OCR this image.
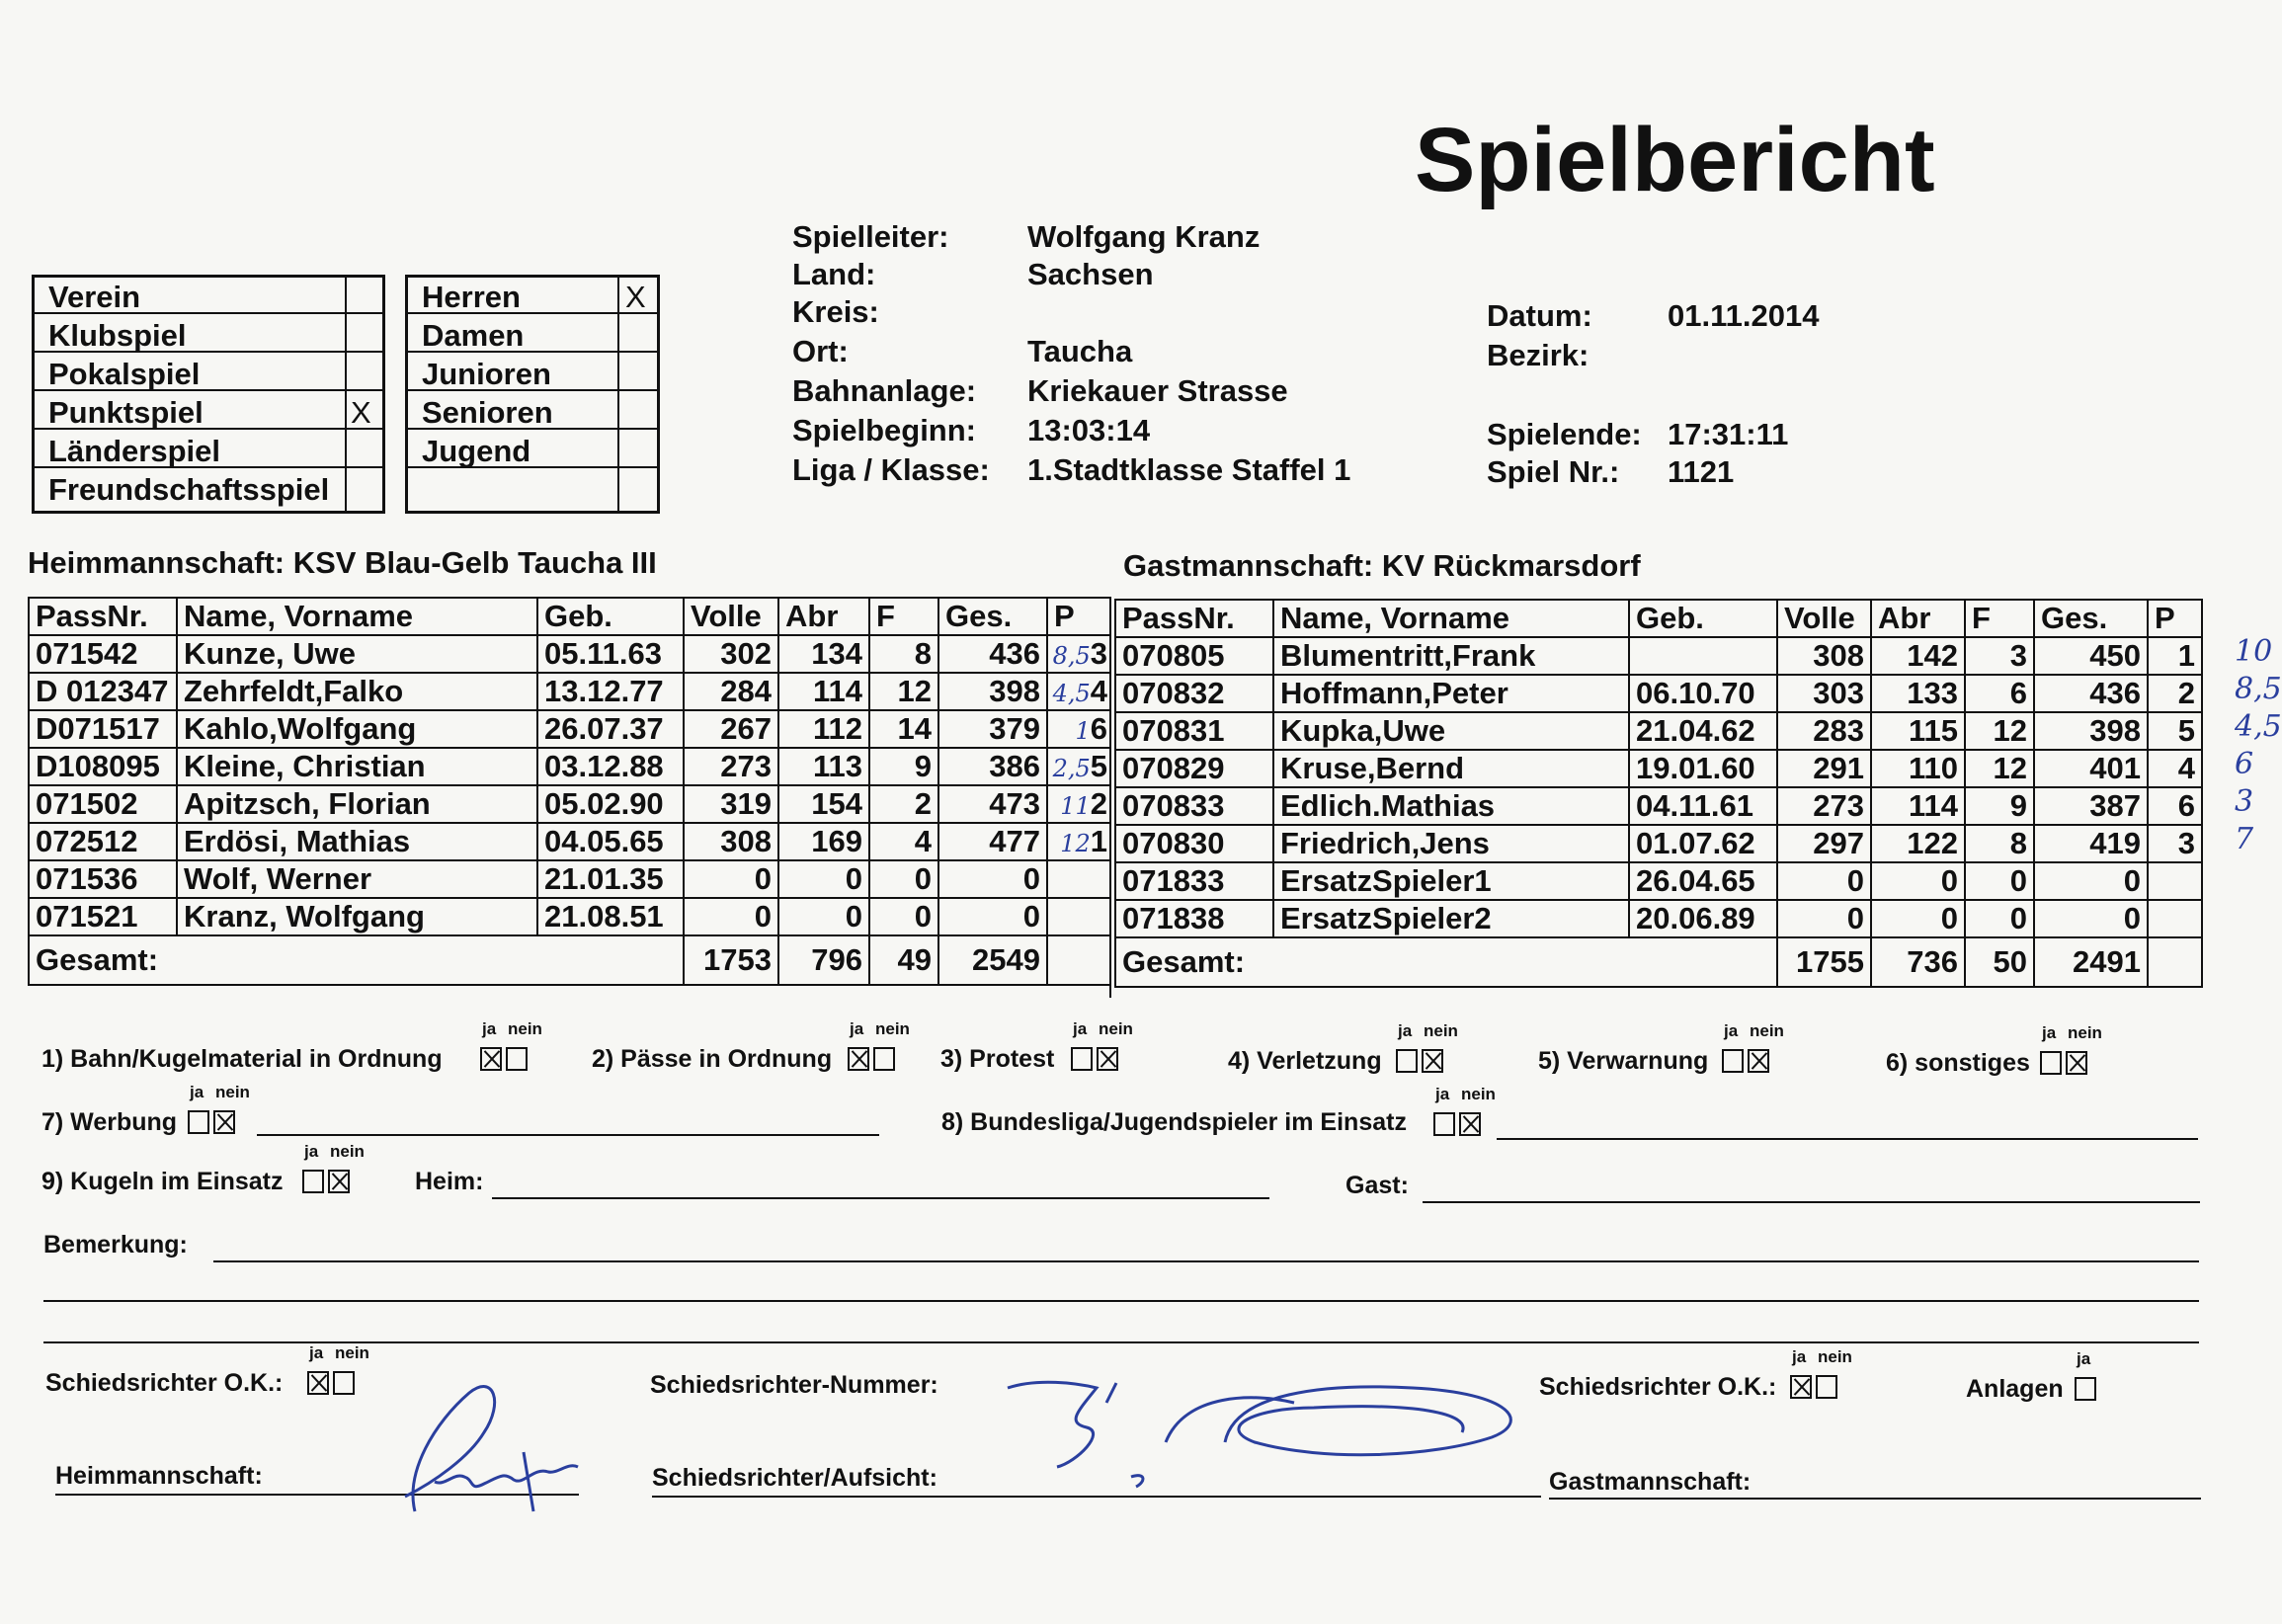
Spielbericht
Verein
Klubspiel
Pokalspiel
Punktspiel	X
Länderspiel
Freundschaftsspiel
Herren	X
Damen
Junioren
Senioren
Jugend
Spielleiter:	Wolfgang Kranz
Land:	Sachsen
Kreis:
Ort:	Taucha
Bahnanlage: Kriekauer Strasse
Spielbeginn: 13:03:14
Liga / Klasse: 1.Stadtklasse Staffel 1
Datum: 01.11.2014
Bezirk:
Spielende: 17:31:11
Spiel Nr.: 1121
Heimmannschaft: KSV Blau-Gelb Taucha III	Gastmannschaft: KV Rückmarsdorf
PassNr.	Name, Vorname	Geb.	Volle	Abr	F	Ges.	P
071542	Kunze, Uwe	05.11.63	302	134	8	436	8,53
D 012347	Zehrfeldt,Falko	13.12.77	284	114	12	398	4,54
D071517	Kahlo,Wolfgang	26.07.37	267	112	14	379	16
D108095	Kleine, Christian	03.12.88	273	113	9	386	2,55
071502	Apitzsch, Florian	05.02.90	319	154	2	473	112
072512	Erdösi, Mathias	04.05.65	308	169	4	477	121
071536	Wolf, Werner	21.01.35	0	0	0	0	
071521	Kranz, Wolfgang	21.08.51	0	0	0	0	
Gesamt:			1753	796	49	2549	
PassNr.	Name, Vorname	Geb.	Volle	Abr	F	Ges.	P
070805	Blumentritt,Frank		308	142	3	450	1
070832	Hoffmann,Peter	06.10.70	303	133	6	436	2
070831	Kupka,Uwe	21.04.62	283	115	12	398	5
070829	Kruse,Bernd	19.01.60	291	110	12	401	4
070833	Edlich.Mathias	04.11.61	273	114	9	387	6
070830	Friedrich,Jens	01.07.62	297	122	8	419	3
071833	ErsatzSpieler1	26.04.65	0	0	0	0	
071838	ErsatzSpieler2	20.06.89	0	0	0	0	
Gesamt:			1755	736	50	2491	
10
8,5
4,5
6
3
7
1) Bahn/Kugelmaterial in Ordnung	2) Pässe in Ordnung	3) Protest	4) Verletzung	5) Verwarnung	6) sonstiges
7) Werbung	8) Bundesliga/Jugendspieler im Einsatz
9) Kugeln im Einsatz	Heim:	Gast:
Bemerkung:
Schiedsrichter O.K.:	Schiedsrichter-Nummer:	Schiedsrichter O.K.:	Anlagen
Heimmannschaft:	Schiedsrichter/Aufsicht:	Gastmannschaft:
ja nein	ja nein	ja nein	ja nein	ja nein	ja nein
ja nein	ja nein
ja nein
ja nein	ja nein	ja
